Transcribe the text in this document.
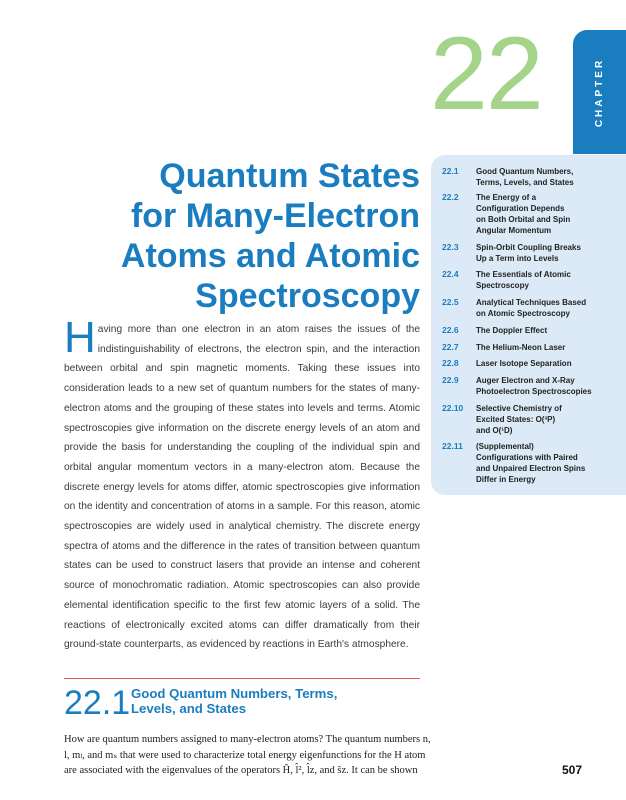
22	CHAPTER
Quantum States
for Many-Electron
Atoms and Atomic
Spectroscopy
22.1	Good Quantum Numbers,
Terms, Levels, and States
22.2	The Energy of a
Configuration Depends
on Both Orbital and Spin
Angular Momentum
22.3	Spin-Orbit Coupling Breaks
Up a Term into Levels
22.4	The Essentials of Atomic
Spectroscopy
22.5	Analytical Techniques Based
on Atomic Spectroscopy
22.6	The Doppler Effect
22.7	The Helium-Neon Laser
22.8	Laser Isotope Separation
22.9	Auger Electron and X-Ray
Photoelectron Spectroscopies
22.10	Selective Chemistry of
Excited States: O(³P)
and O(¹D)
22.11	(Supplemental)
Configurations with Paired
and Unpaired Electron Spins
Differ in Energy
Having more than one electron in an atom raises the issues of the indistinguishability of electrons, the electron spin, and the interaction between orbital and spin magnetic moments. Taking these issues into consideration leads to a new set of quantum numbers for the states of many-electron atoms and the grouping of these states into levels and terms. Atomic spectroscopies give information on the discrete energy levels of an atom and provide the basis for understanding the coupling of the individual spin and orbital angular momentum vectors in a many-electron atom. Because the discrete energy levels for atoms differ, atomic spectroscopies give information on the identity and concentration of atoms in a sample. For this reason, atomic spectroscopies are widely used in analytical chemistry. The discrete energy spectra of atoms and the difference in the rates of transition between quantum states can be used to construct lasers that provide an intense and coherent source of monochromatic radiation. Atomic spectroscopies can also provide elemental identification specific to the first few atomic layers of a solid. The reactions of electronically excited atoms can differ dramatically from their ground-state counterparts, as evidenced by reactions in Earth's atmosphere.
22.1 Good Quantum Numbers, Terms,
Levels, and States
How are quantum numbers assigned to many-electron atoms? The quantum numbers n,
l, mₗ, and mₛ that were used to characterize total energy eigenfunctions for the H atom
are associated with the eigenvalues of the operators Ĥ, l̂², l̂z, and ŝz. It can be shown	507
